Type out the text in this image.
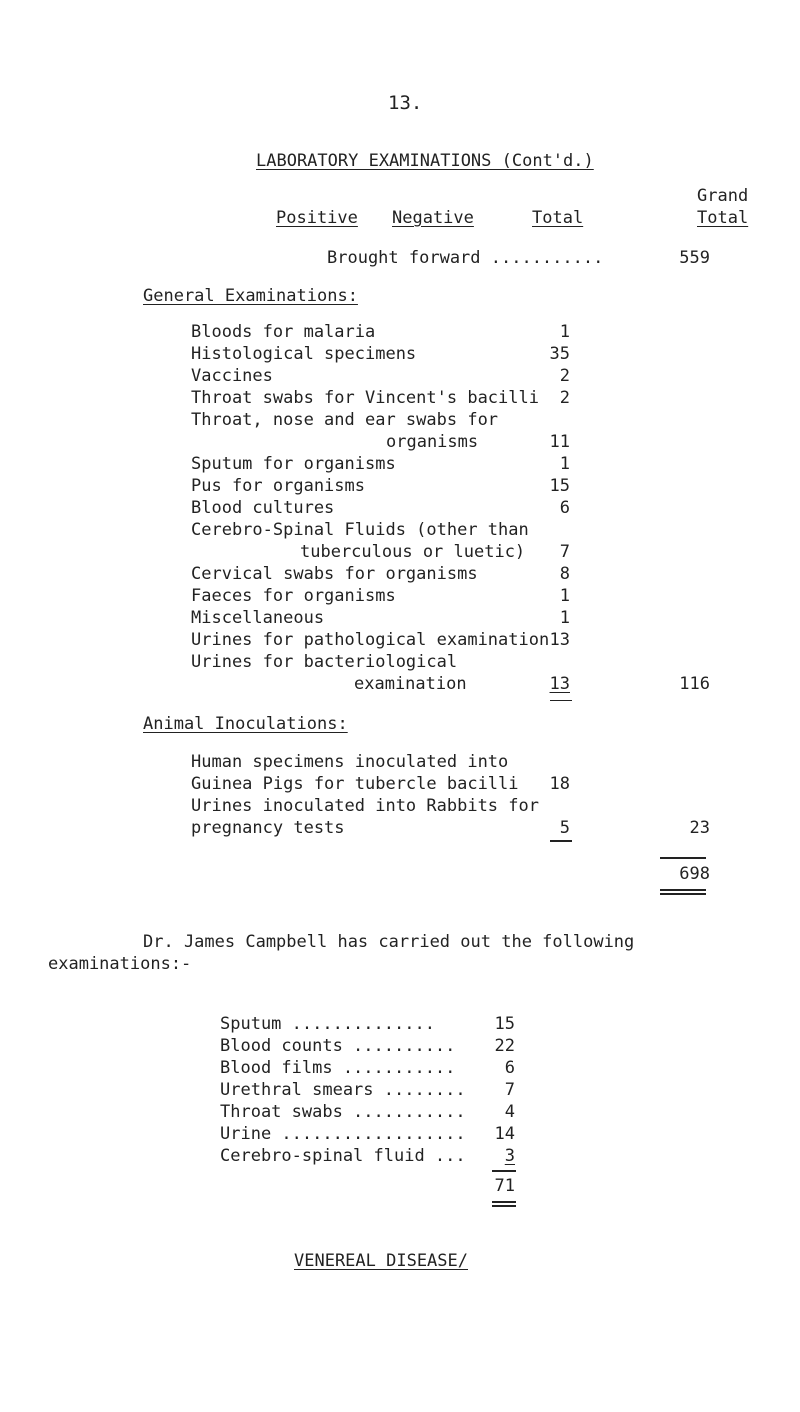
13.
LABORATORY EXAMINATIONS (Cont'd.)
Grand
Positive Negative	Total	Total
Brought forward ...........	559
General Examinations:
Bloods for malaria	1
Histological specimens	35
Vaccines	2
Throat swabs for Vincent's bacilli	2
Throat, nose and ear swabs for
organisms	11
Sputum for organisms	1
Pus for organisms	15
Blood cultures	6
Cerebro-Spinal Fluids (other than
tuberculous or luetic)	7
Cervical swabs for organisms	8
Faeces for organisms	1
Miscellaneous	1
Urines for pathological examination 13
Urines for bacteriological
examination	13	116
Animal Inoculations:
Human specimens inoculated into
Guinea Pigs for tubercle bacilli	18
Urines inoculated into Rabbits for
pregnancy tests	5	23
698
Dr. James Campbell has carried out the following
examinations:-
Sputum ..............	15
Blood counts ..........	22
Blood films ...........	6
Urethral smears ........	7
Throat swabs ...........	4
Urine ..................	14
Cerebro-spinal fluid ...	3
71
VENEREAL DISEASE/
